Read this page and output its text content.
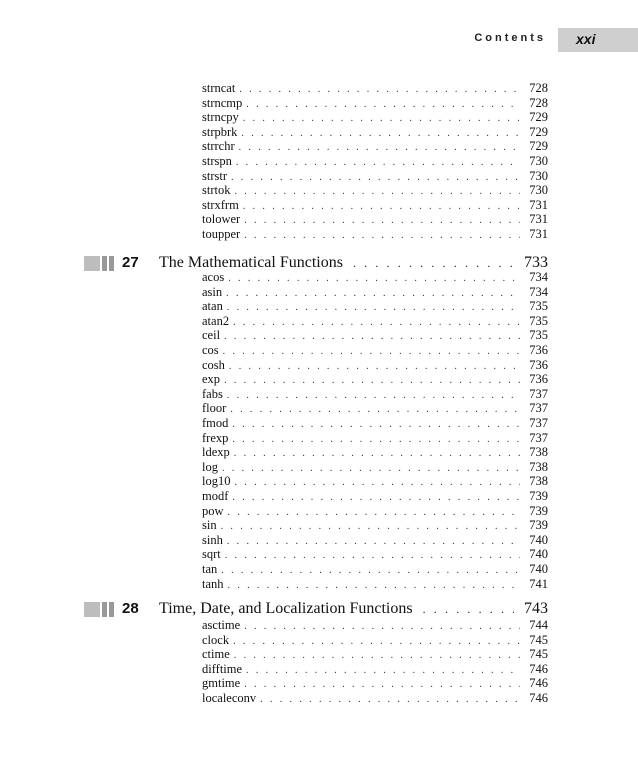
Contents xxi
strncat . . .	728
strncmp . . .	728
strncpy . . .	729
strpbrk . . .	729
strrchr . . .	729
strspn . . .	730
strstr . . .	730
strtok . . .	730
strxfrm . . .	731
tolower . . .	731
toupper . . .	731
27 The Mathematical Functions . . .	733
acos . . .	734
asin . . .	734
atan . . .	735
atan2 . . .	735
ceil . . .	735
cos . . .	736
cosh . . .	736
exp . . .	736
fabs . . .	737
floor . . .	737
fmod . . .	737
frexp . . .	737
ldexp . . .	738
log . . .	738
log10 . . .	738
modf . . .	739
pow . . .	739
sin . . .	739
sinh . . .	740
sqrt . . .	740
tan . . .	740
tanh . . .	741
28 Time, Date, and Localization Functions . . .	743
asctime . . .	744
clock . . .	745
ctime . . .	745
difftime . . .	746
gmtime . . .	746
localeconv . . .	746
